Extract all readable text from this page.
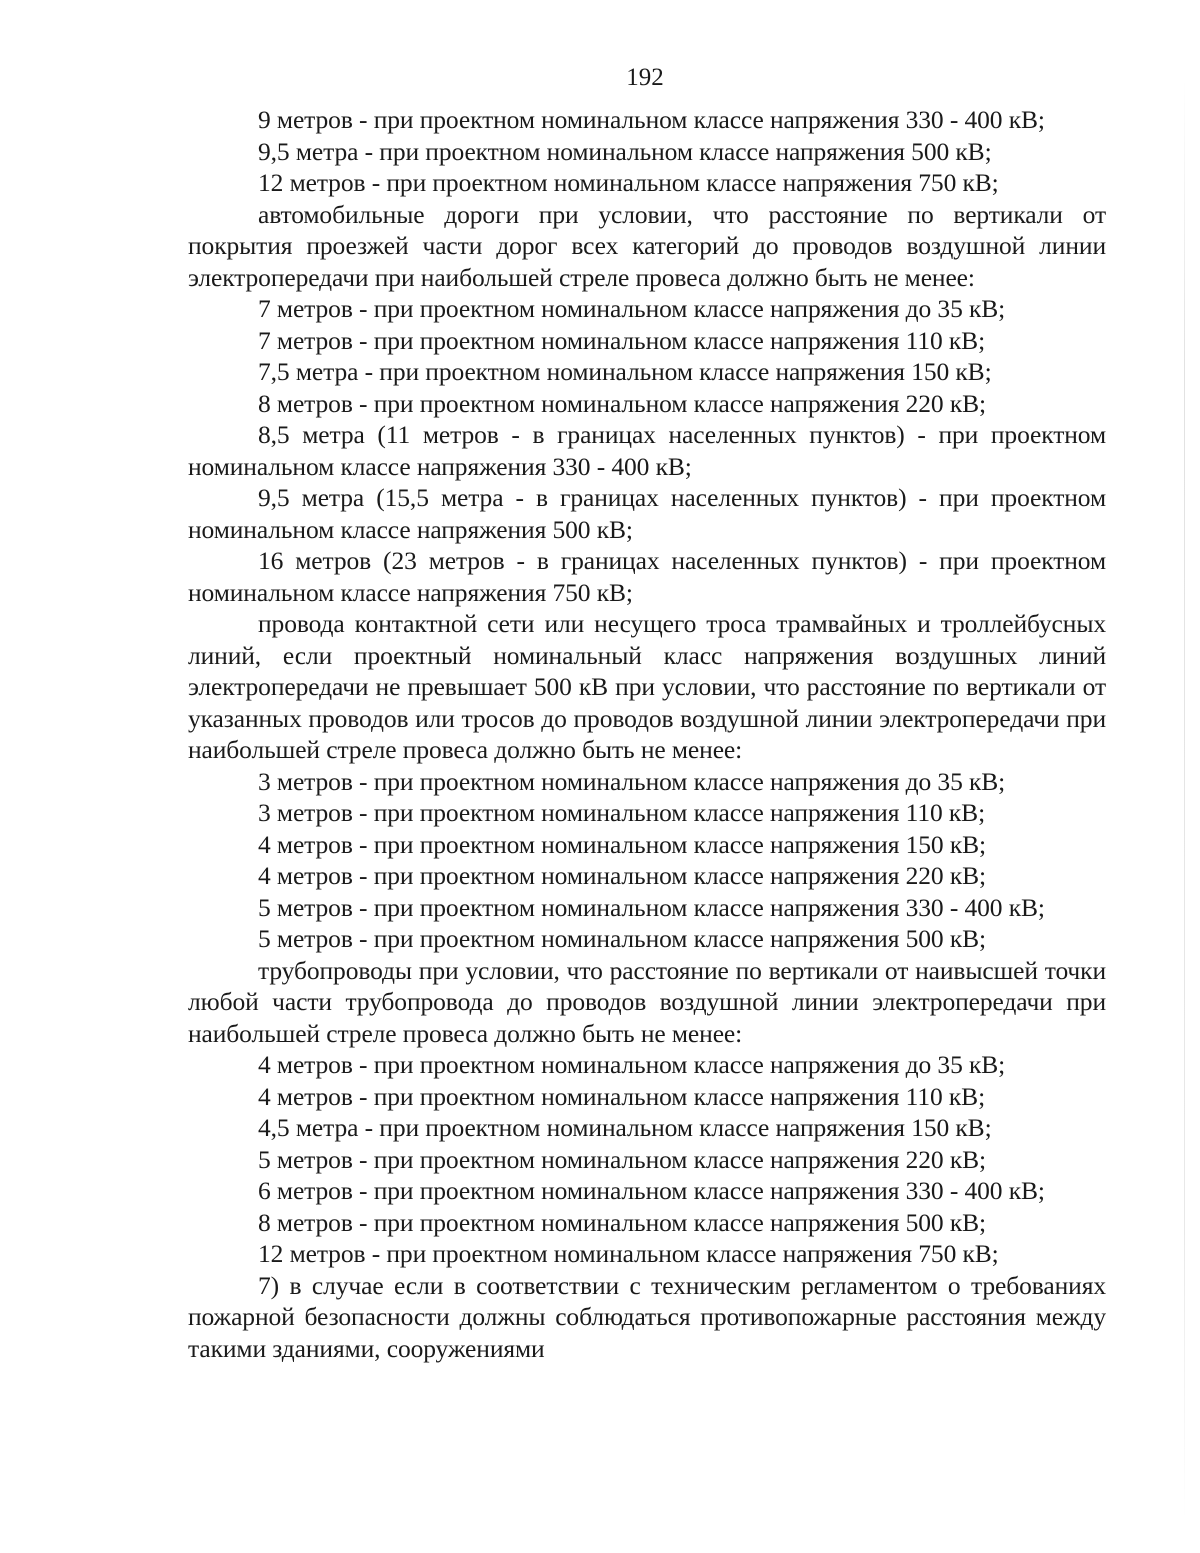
192

9 метров - при проектном номинальном классе напряжения 330 - 400 кВ;

9,5 метра - при проектном номинальном классе напряжения 500 кВ;

12 метров - при проектном номинальном классе напряжения 750 кВ;

автомобильные дороги при условии, что расстояние по вертикали от покрытия проезжей части дорог всех категорий до проводов воздушной линии электропередачи при наибольшей стреле провеса должно быть не менее:

7 метров - при проектном номинальном классе напряжения до 35 кВ;

7 метров - при проектном номинальном классе напряжения 110 кВ;

7,5 метра - при проектном номинальном классе напряжения 150 кВ;

8 метров - при проектном номинальном классе напряжения 220 кВ;

8,5 метра (11 метров - в границах населенных пунктов) - при проектном номинальном классе напряжения 330 - 400 кВ;

9,5 метра (15,5 метра - в границах населенных пунктов) - при проектном номинальном классе напряжения 500 кВ;

16 метров (23 метров - в границах населенных пунктов) - при проектном номинальном классе напряжения 750 кВ;

провода контактной сети или несущего троса трамвайных и троллейбусных линий, если проектный номинальный класс напряжения воздушных линий электропередачи не превышает 500 кВ при условии, что расстояние по вертикали от указанных проводов или тросов до проводов воздушной линии электропередачи при наибольшей стреле провеса должно быть не менее:

3 метров - при проектном номинальном классе напряжения до 35 кВ;

3 метров - при проектном номинальном классе напряжения 110 кВ;

4 метров - при проектном номинальном классе напряжения 150 кВ;

4 метров - при проектном номинальном классе напряжения 220 кВ;

5 метров - при проектном номинальном классе напряжения 330 - 400 кВ;

5 метров - при проектном номинальном классе напряжения 500 кВ;

трубопроводы при условии, что расстояние по вертикали от наивысшей точки любой части трубопровода до проводов воздушной линии электропередачи при наибольшей стреле провеса должно быть не менее:

4 метров - при проектном номинальном классе напряжения до 35 кВ;

4 метров - при проектном номинальном классе напряжения 110 кВ;

4,5 метра - при проектном номинальном классе напряжения 150 кВ;

5 метров - при проектном номинальном классе напряжения 220 кВ;

6 метров - при проектном номинальном классе напряжения 330 - 400 кВ;

8 метров - при проектном номинальном классе напряжения 500 кВ;

12 метров - при проектном номинальном классе напряжения 750 кВ;

7) в случае если в соответствии с техническим регламентом о требованиях пожарной безопасности должны соблюдаться противопожарные расстояния между такими зданиями, сооружениями
